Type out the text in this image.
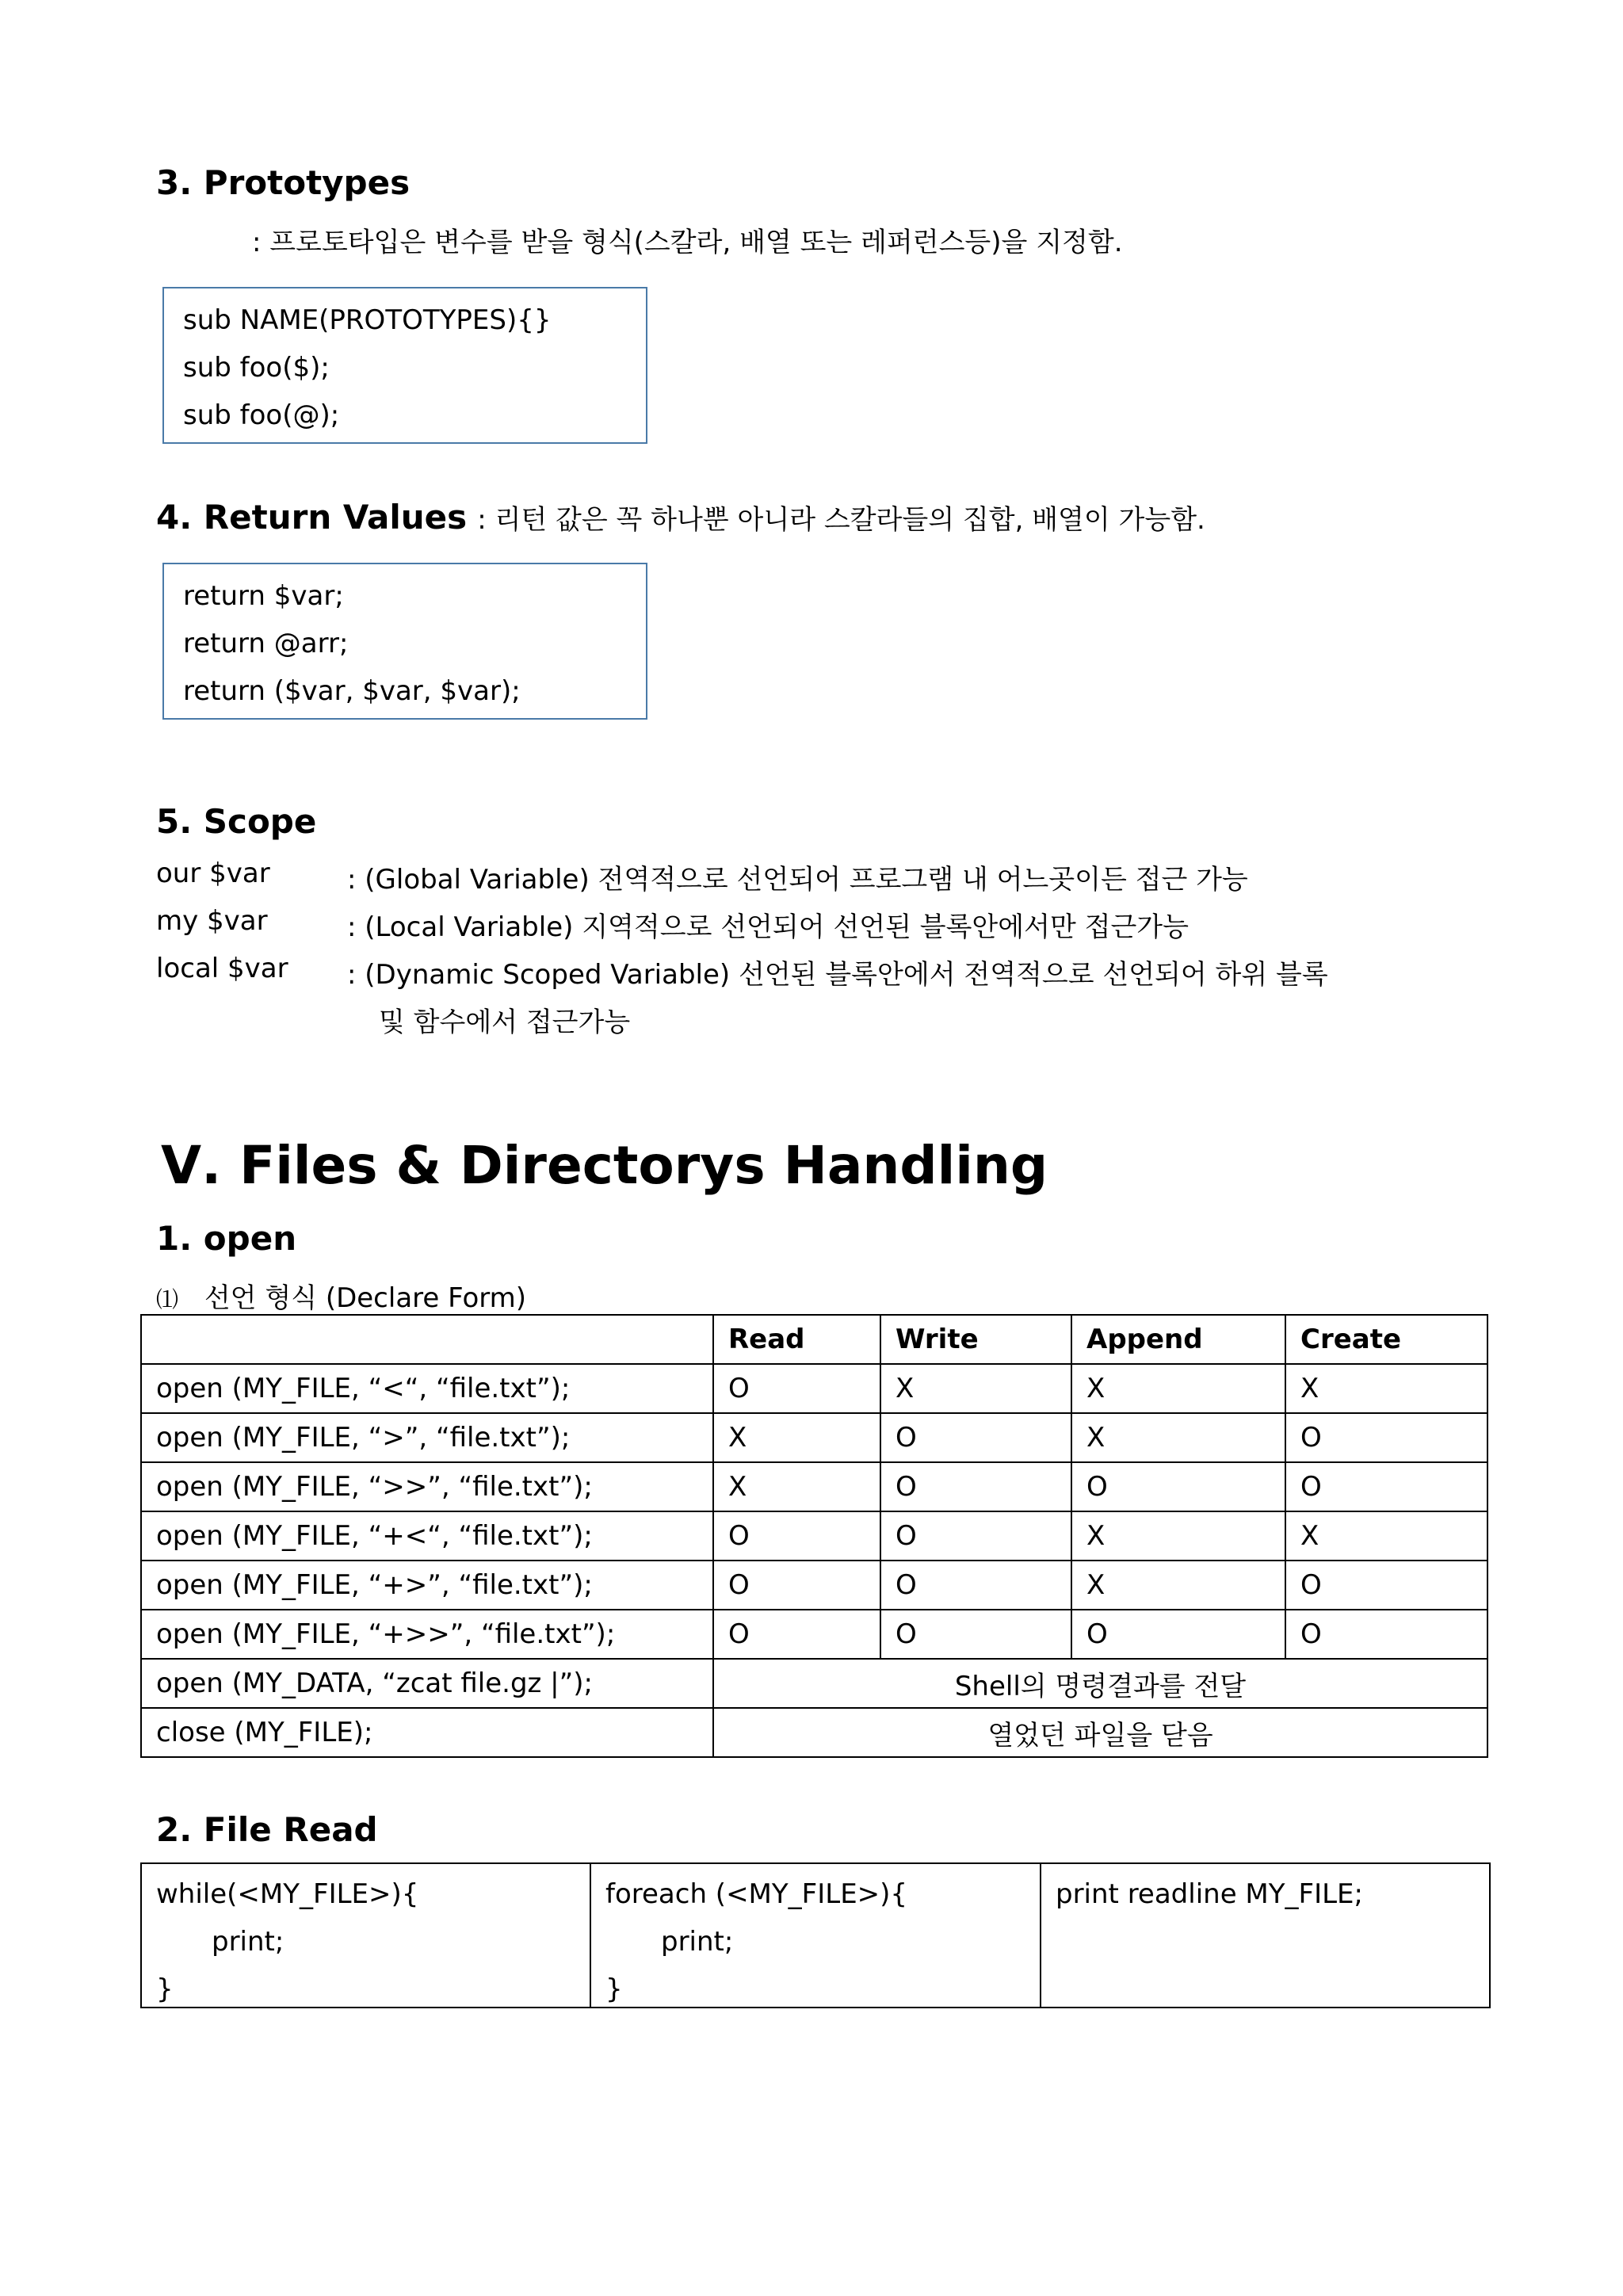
3. Prototypes
: 프로토타입은 변수를 받을 형식(스칼라, 배열 또는 레퍼런스등)을 지정함.
sub NAME(PROTOTYPES){}
sub foo($);
sub foo(@);
4. Return Values : 리턴 값은 꼭 하나뿐 아니라 스칼라들의 집합, 배열이 가능함.
return $var;
return @arr;
return ($var, $var, $var);
5. Scope
our $var	: (Global Variable) 전역적으로 선언되어 프로그램 내 어느곳이든 접근 가능
my $var	: (Local Variable) 지역적으로 선언되어 선언된 블록안에서만 접근가능
local $var : (Dynamic Scoped Variable) 선언된 블록안에서 전역적으로 선언되어 하위 블록
및 함수에서 접근가능
Ⅴ. Files & Directorys Handling
1. open
⑴ 선언 형식 (Declare Form)
	Read	Write	Append	Create
open (MY_FILE, “<“, “file.txt”);	O	X	X	X
open (MY_FILE, “>”, “file.txt”);	X	O	X	O
open (MY_FILE, “>>”, “file.txt”);	X	O	O	O
open (MY_FILE, “+<“, “file.txt”);	O	O	X	X
open (MY_FILE, “+>”, “file.txt”);	O	O	X	O
open (MY_FILE, “+>>”, “file.txt”);	O	O	O	O
open (MY_DATA, “zcat file.gz |”);	Shell의 명령결과를 전달			
close (MY_FILE);	열었던 파일을 닫음			
2. File Read
while(<MY_FILE>){
print;
}

foreach (<MY_FILE>){
print;
}

print readline MY_FILE;
